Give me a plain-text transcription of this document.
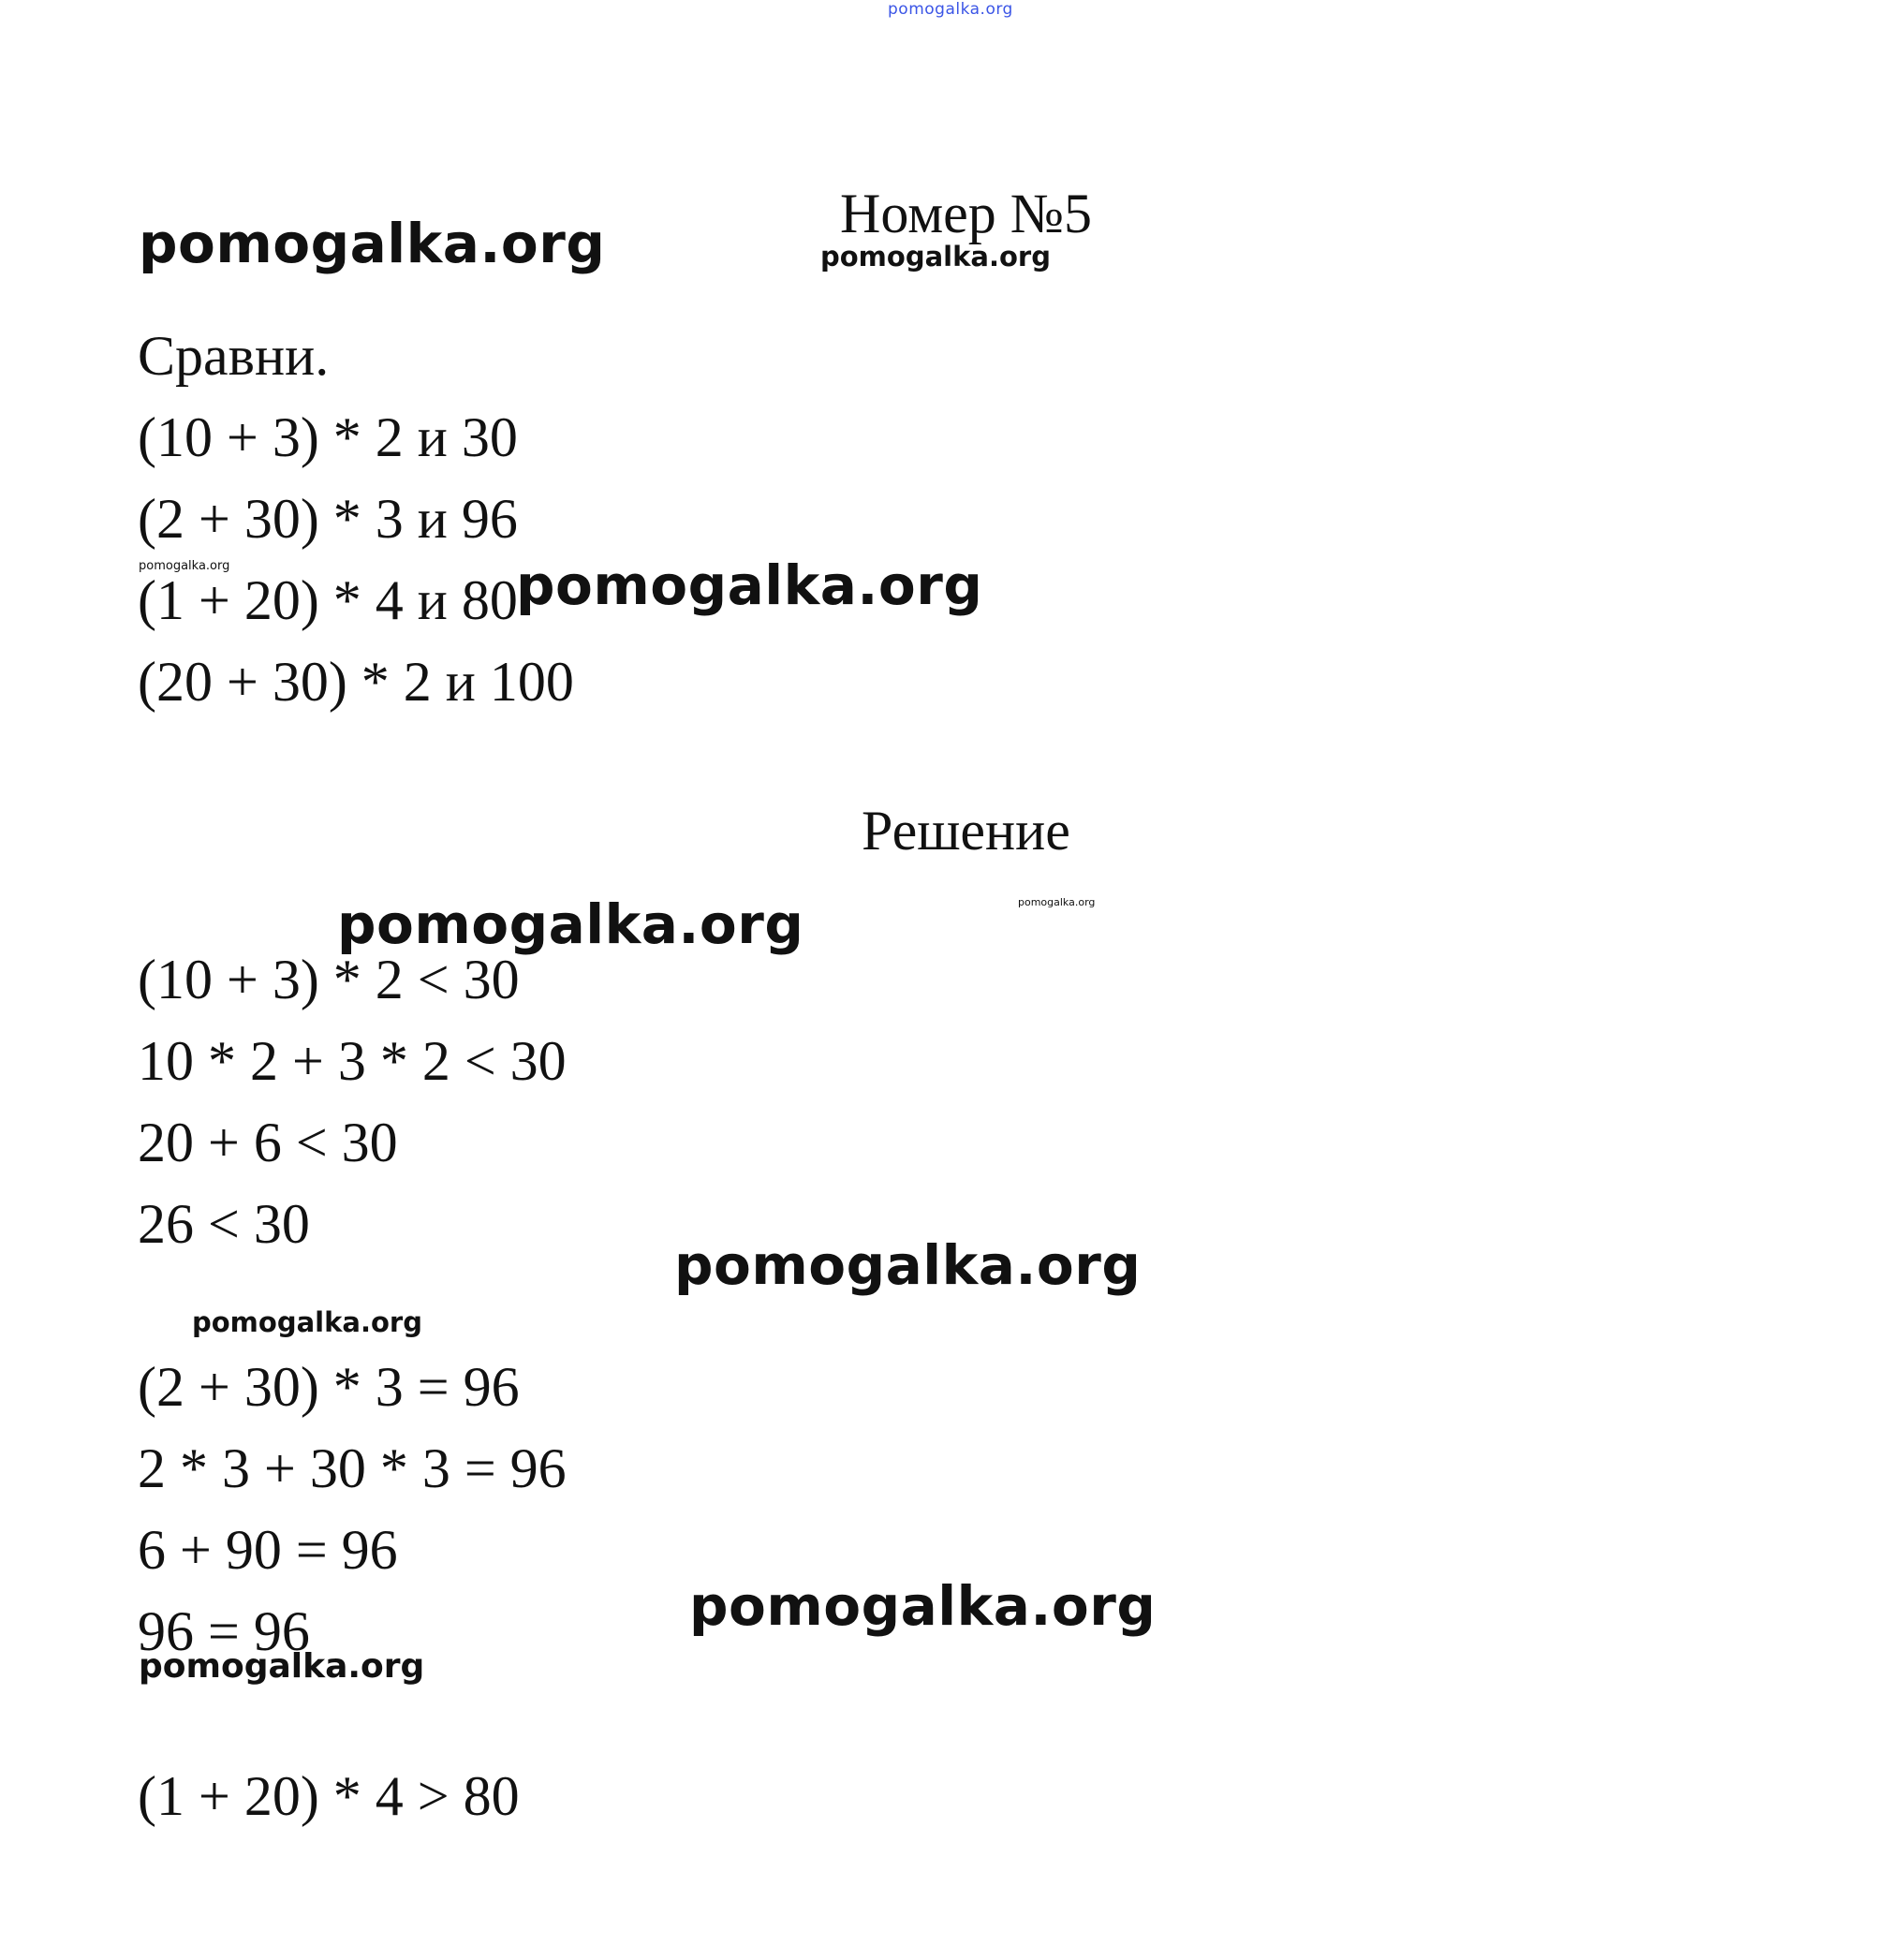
pomogalka.org
Номер №5
pomogalka.org	pomogalka.org
Сравни.
(10 + 3) * 2 и 30
(2 + 30) * 3 и 96
(1 + 20) * 4 и 80
(20 + 30) * 2 и 100
pomogalka.org	pomogalka.org
Решение
pomogalka.org
pomogalka.org
(10 + 3) * 2 < 30
10 * 2 + 3 * 2 < 30
20 + 6 < 30
26 < 30
pomogalka.org
pomogalka.org
(2 + 30) * 3 = 96
2 * 3 + 30 * 3 = 96
6 + 90 = 96
96 = 96	pomogalka.org
pomogalka.org
(1 + 20) * 4 > 80
